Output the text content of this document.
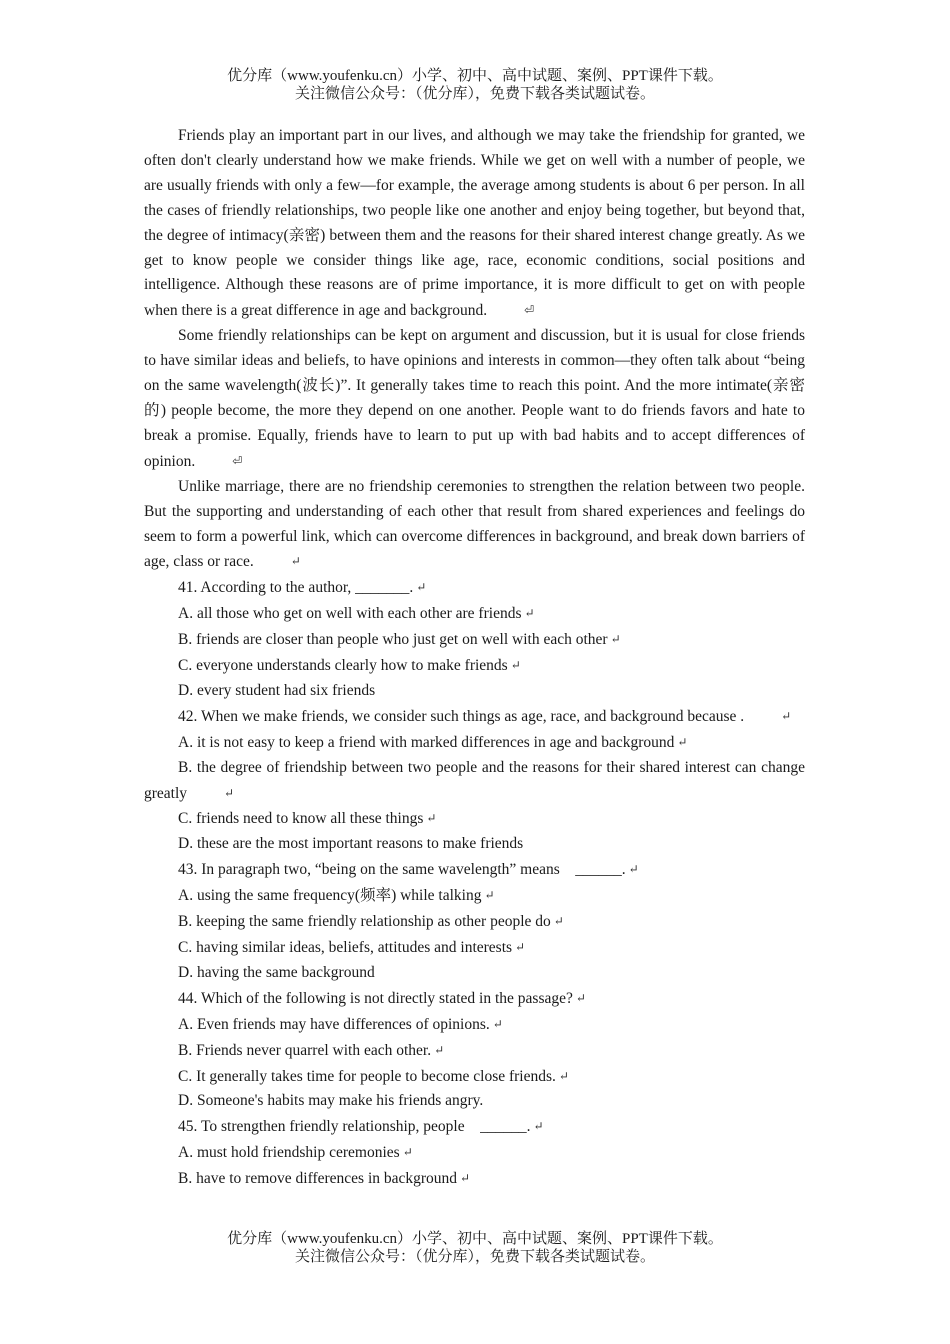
优分库（www.youfenku.cn）小学、初中、高中试题、案例、PPT课件下载。
关注微信公众号：（优分库），免费下载各类试题试卷。

Friends play an important part in our lives, and although we may take the friendship for granted, we often don't clearly understand how we make friends. While we get on well with a number of people, we are usually friends with only a few—for example, the average among students is about 6 per person. In all the cases of friendly relationships, two people like one another and enjoy being together, but beyond that, the degree of intimacy(亲密) between them and the reasons for their shared interest change greatly. As we get to know people we consider things like age, race, economic conditions, social positions and intelligence. Although these reasons are of prime importance, it is more difficult to get on with people when there is a great difference in age and background.	⏎

Some friendly relationships can be kept on argument and discussion, but it is usual for close friends to have similar ideas and beliefs, to have opinions and interests in common—they often talk about “being on the same wavelength(波长)”. It generally takes time to reach this point. And the more intimate(亲密的) people become, the more they depend on one another. People want to do friends favors and hate to break a promise. Equally, friends have to learn to put up with bad habits and to accept differences of opinion.	⏎

Unlike marriage, there are no friendship ceremonies to strengthen the relation between two people. But the supporting and understanding of each other that result from shared experiences and feelings do seem to form a powerful link, which can overcome differences in background, and break down barriers of age, class or race.	↵

41. According to the author, _______. ↵

A. all those who get on well with each other are friends ↵

B. friends are closer than people who just get on well with each other ↵

C. everyone understands clearly how to make friends ↵

D. every student had six friends

42. When we make friends, we consider such things as age, race, and background because .	↵

A. it is not easy to keep a friend with marked differences in age and background ↵

B. the degree of friendship between two people and the reasons for their shared interest can change greatly	↵

C. friends need to know all these things ↵

D. these are the most important reasons to make friends

43. In paragraph two, “being on the same wavelength” means    ______. ↵

A. using the same frequency(频率) while talking ↵

B. keeping the same friendly relationship as other people do ↵

C. having similar ideas, beliefs, attitudes and interests ↵

D. having the same background

44. Which of the following is not directly stated in the passage? ↵

A. Even friends may have differences of opinions. ↵

B. Friends never quarrel with each other. ↵

C. It generally takes time for people to become close friends. ↵

D. Someone's habits may make his friends angry.

45. To strengthen friendly relationship, people    ______. ↵

A. must hold friendship ceremonies ↵

B. have to remove differences in background ↵

优分库（www.youfenku.cn）小学、初中、高中试题、案例、PPT课件下载。
关注微信公众号：（优分库），免费下载各类试题试卷。
